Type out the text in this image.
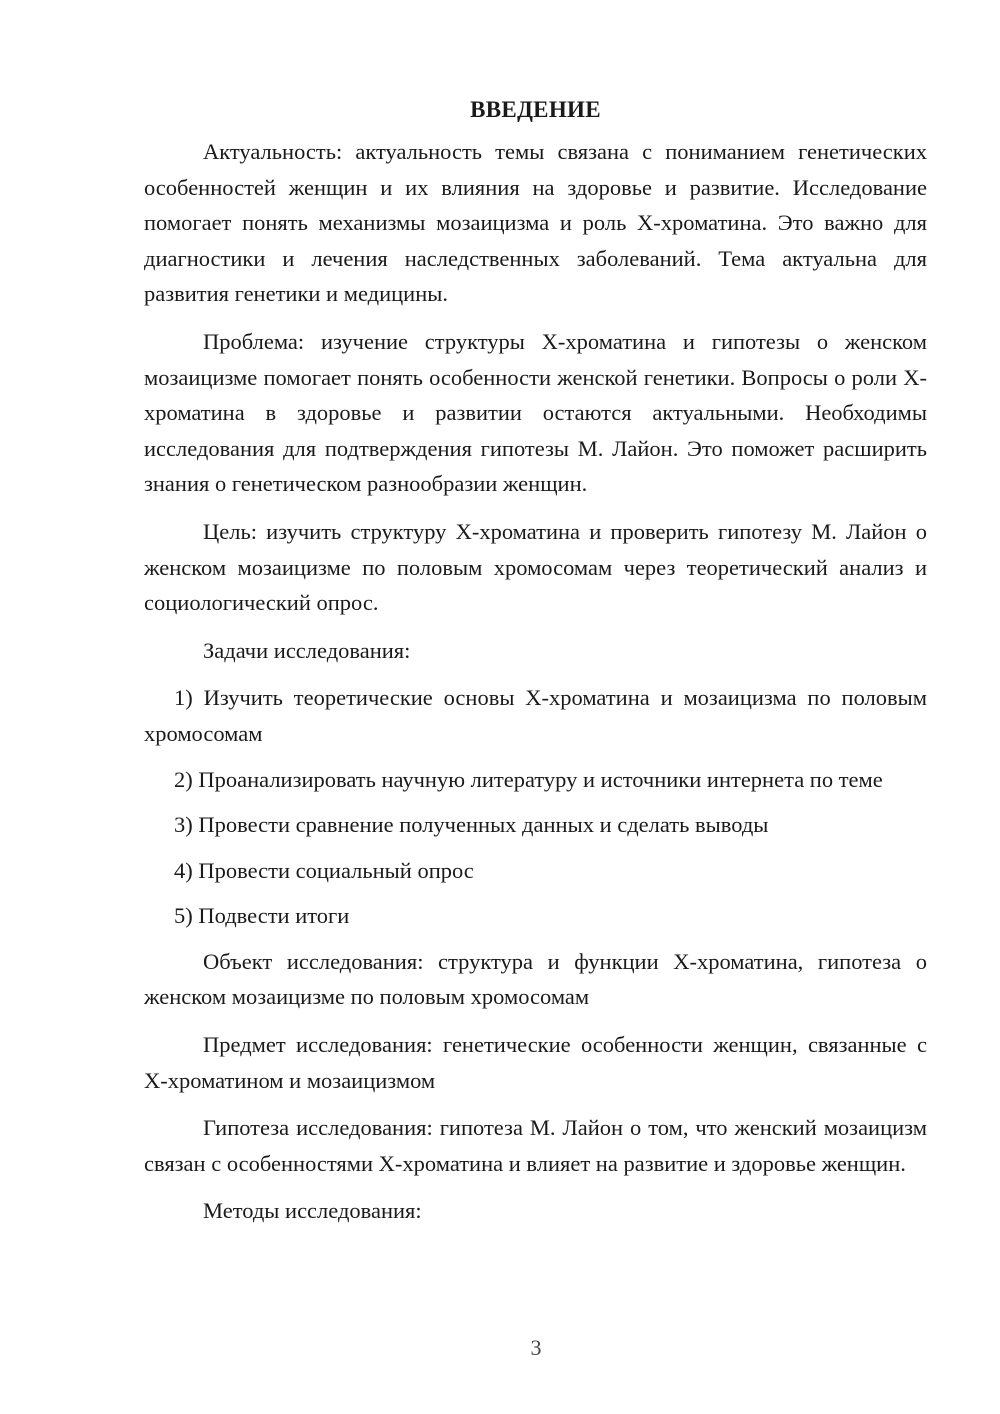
ВВЕДЕНИЕ

Актуальность: актуальность темы связана с пониманием генетических особенностей женщин и их влияния на здоровье и развитие. Исследование помогает понять механизмы мозаицизма и роль Х-хроматина. Это важно для диагностики и лечения наследственных заболеваний. Тема актуальна для развития генетики и медицины.

Проблема: изучение структуры Х-хроматина и гипотезы о женском мозаицизме помогает понять особенности женской генетики. Вопросы о роли Х-хроматина в здоровье и развитии остаются актуальными. Необходимы исследования для подтверждения гипотезы М. Лайон. Это поможет расширить знания о генетическом разнообразии женщин.

Цель: изучить структуру Х-хроматина и проверить гипотезу М. Лайон о женском мозаицизме по половым хромосомам через теоретический анализ и социологический опрос.

Задачи исследования:

1) Изучить теоретические основы Х-хроматина и мозаицизма по половым хромосомам
2) Проанализировать научную литературу и источники интернета по теме
3) Провести сравнение полученных данных и сделать выводы
4) Провести социальный опрос
5) Подвести итоги

Объект исследования: структура и функции Х-хроматина, гипотеза о женском мозаицизме по половым хромосомам

Предмет исследования: генетические особенности женщин, связанные с Х-хроматином и мозаицизмом

Гипотеза исследования: гипотеза М. Лайон о том, что женский мозаицизм связан с особенностями Х-хроматина и влияет на развитие и здоровье женщин.

Методы исследования:

3
